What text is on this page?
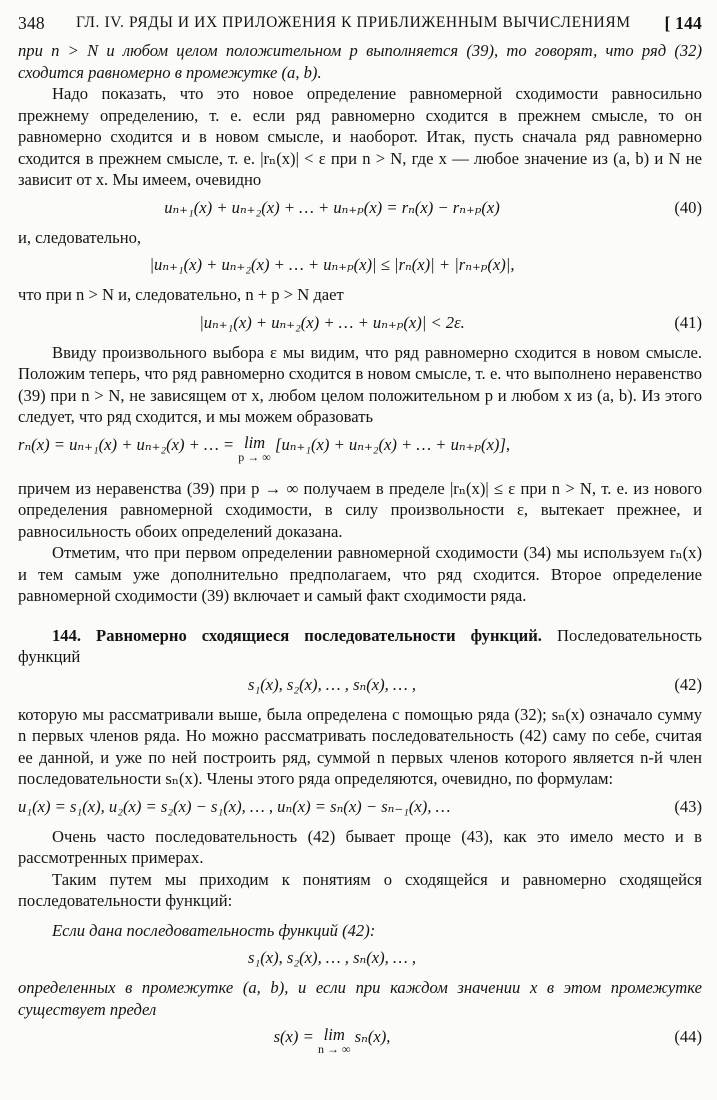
348 ГЛ. IV. РЯДЫ И ИХ ПРИЛОЖЕНИЯ К ПРИБЛИЖЕННЫМ ВЫЧИСЛЕНИЯМ [ 144

при n > N и любом целом положительном p выполняется (39), то говорят, что ряд (32) сходится равномерно в промежутке (a, b).

Надо показать, что это новое определение равномерной сходимости равносильно прежнему определению, т. е. если ряд равномерно сходится в прежнем смысле, то он равномерно сходится и в новом смысле, и наоборот. Итак, пусть сначала ряд равномерно сходится в прежнем смысле, т. е. |rₙ(x)| < ε при n > N, где x — любое значение из (a, b) и N не зависит от x. Мы имеем, очевидно

uₙ₊₁(x) + uₙ₊₂(x) + … + uₙ₊ₚ(x) = rₙ(x) − rₙ₊ₚ(x)	(40)

и, следовательно,

|uₙ₊₁(x) + uₙ₊₂(x) + … + uₙ₊ₚ(x)| ≤ |rₙ(x)| + |rₙ₊ₚ(x)|,

что при n > N и, следовательно, n + p > N дает

|uₙ₊₁(x) + uₙ₊₂(x) + … + uₙ₊ₚ(x)| < 2ε.	(41)

Ввиду произвольного выбора ε мы видим, что ряд равномерно сходится в новом смысле. Положим теперь, что ряд равномерно сходится в новом смысле, т. е. что выполнено неравенство (39) при n > N, не зависящем от x, любом целом положительном p и любом x из (a, b). Из этого следует, что ряд сходится, и мы можем образовать

rₙ(x) = uₙ₊₁(x) + uₙ₊₂(x) + … = lim
p → ∞
[uₙ₊₁(x) + uₙ₊₂(x) + … + uₙ₊ₚ(x)],

причем из неравенства (39) при p → ∞ получаем в пределе |rₙ(x)| ≤ ε при n > N, т. е. из нового определения равномерной сходимости, в силу произвольности ε, вытекает прежнее, и равносильность обоих определений доказана.

Отметим, что при первом определении равномерной сходимости (34) мы используем rₙ(x) и тем самым уже дополнительно предполагаем, что ряд сходится. Второе определение равномерной сходимости (39) включает и самый факт сходимости ряда.

144. Равномерно сходящиеся последовательности функций. Последовательность функций

s₁(x), s₂(x), … , sₙ(x), … ,	(42)

которую мы рассматривали выше, была определена с помощью ряда (32); sₙ(x) означало сумму n первых членов ряда. Но можно рассматривать последовательность (42) саму по себе, считая ее данной, и уже по ней построить ряд, суммой n первых членов которого является n-й член последовательности sₙ(x). Члены этого ряда определяются, очевидно, по формулам:

u₁(x) = s₁(x), u₂(x) = s₂(x) − s₁(x), … , uₙ(x) = sₙ(x) − sₙ₋₁(x), …	(43)

Очень часто последовательность (42) бывает проще (43), как это имело место и в рассмотренных примерах.

Таким путем мы приходим к понятиям о сходящейся и равномерно сходящейся последовательности функций:

Если дана последовательность функций (42):

s₁(x), s₂(x), … , sₙ(x), … ,

определенных в промежутке (a, b), и если при каждом значении x в этом промежутке существует предел

s(x) = lim
n → ∞
sₙ(x),	(44)
